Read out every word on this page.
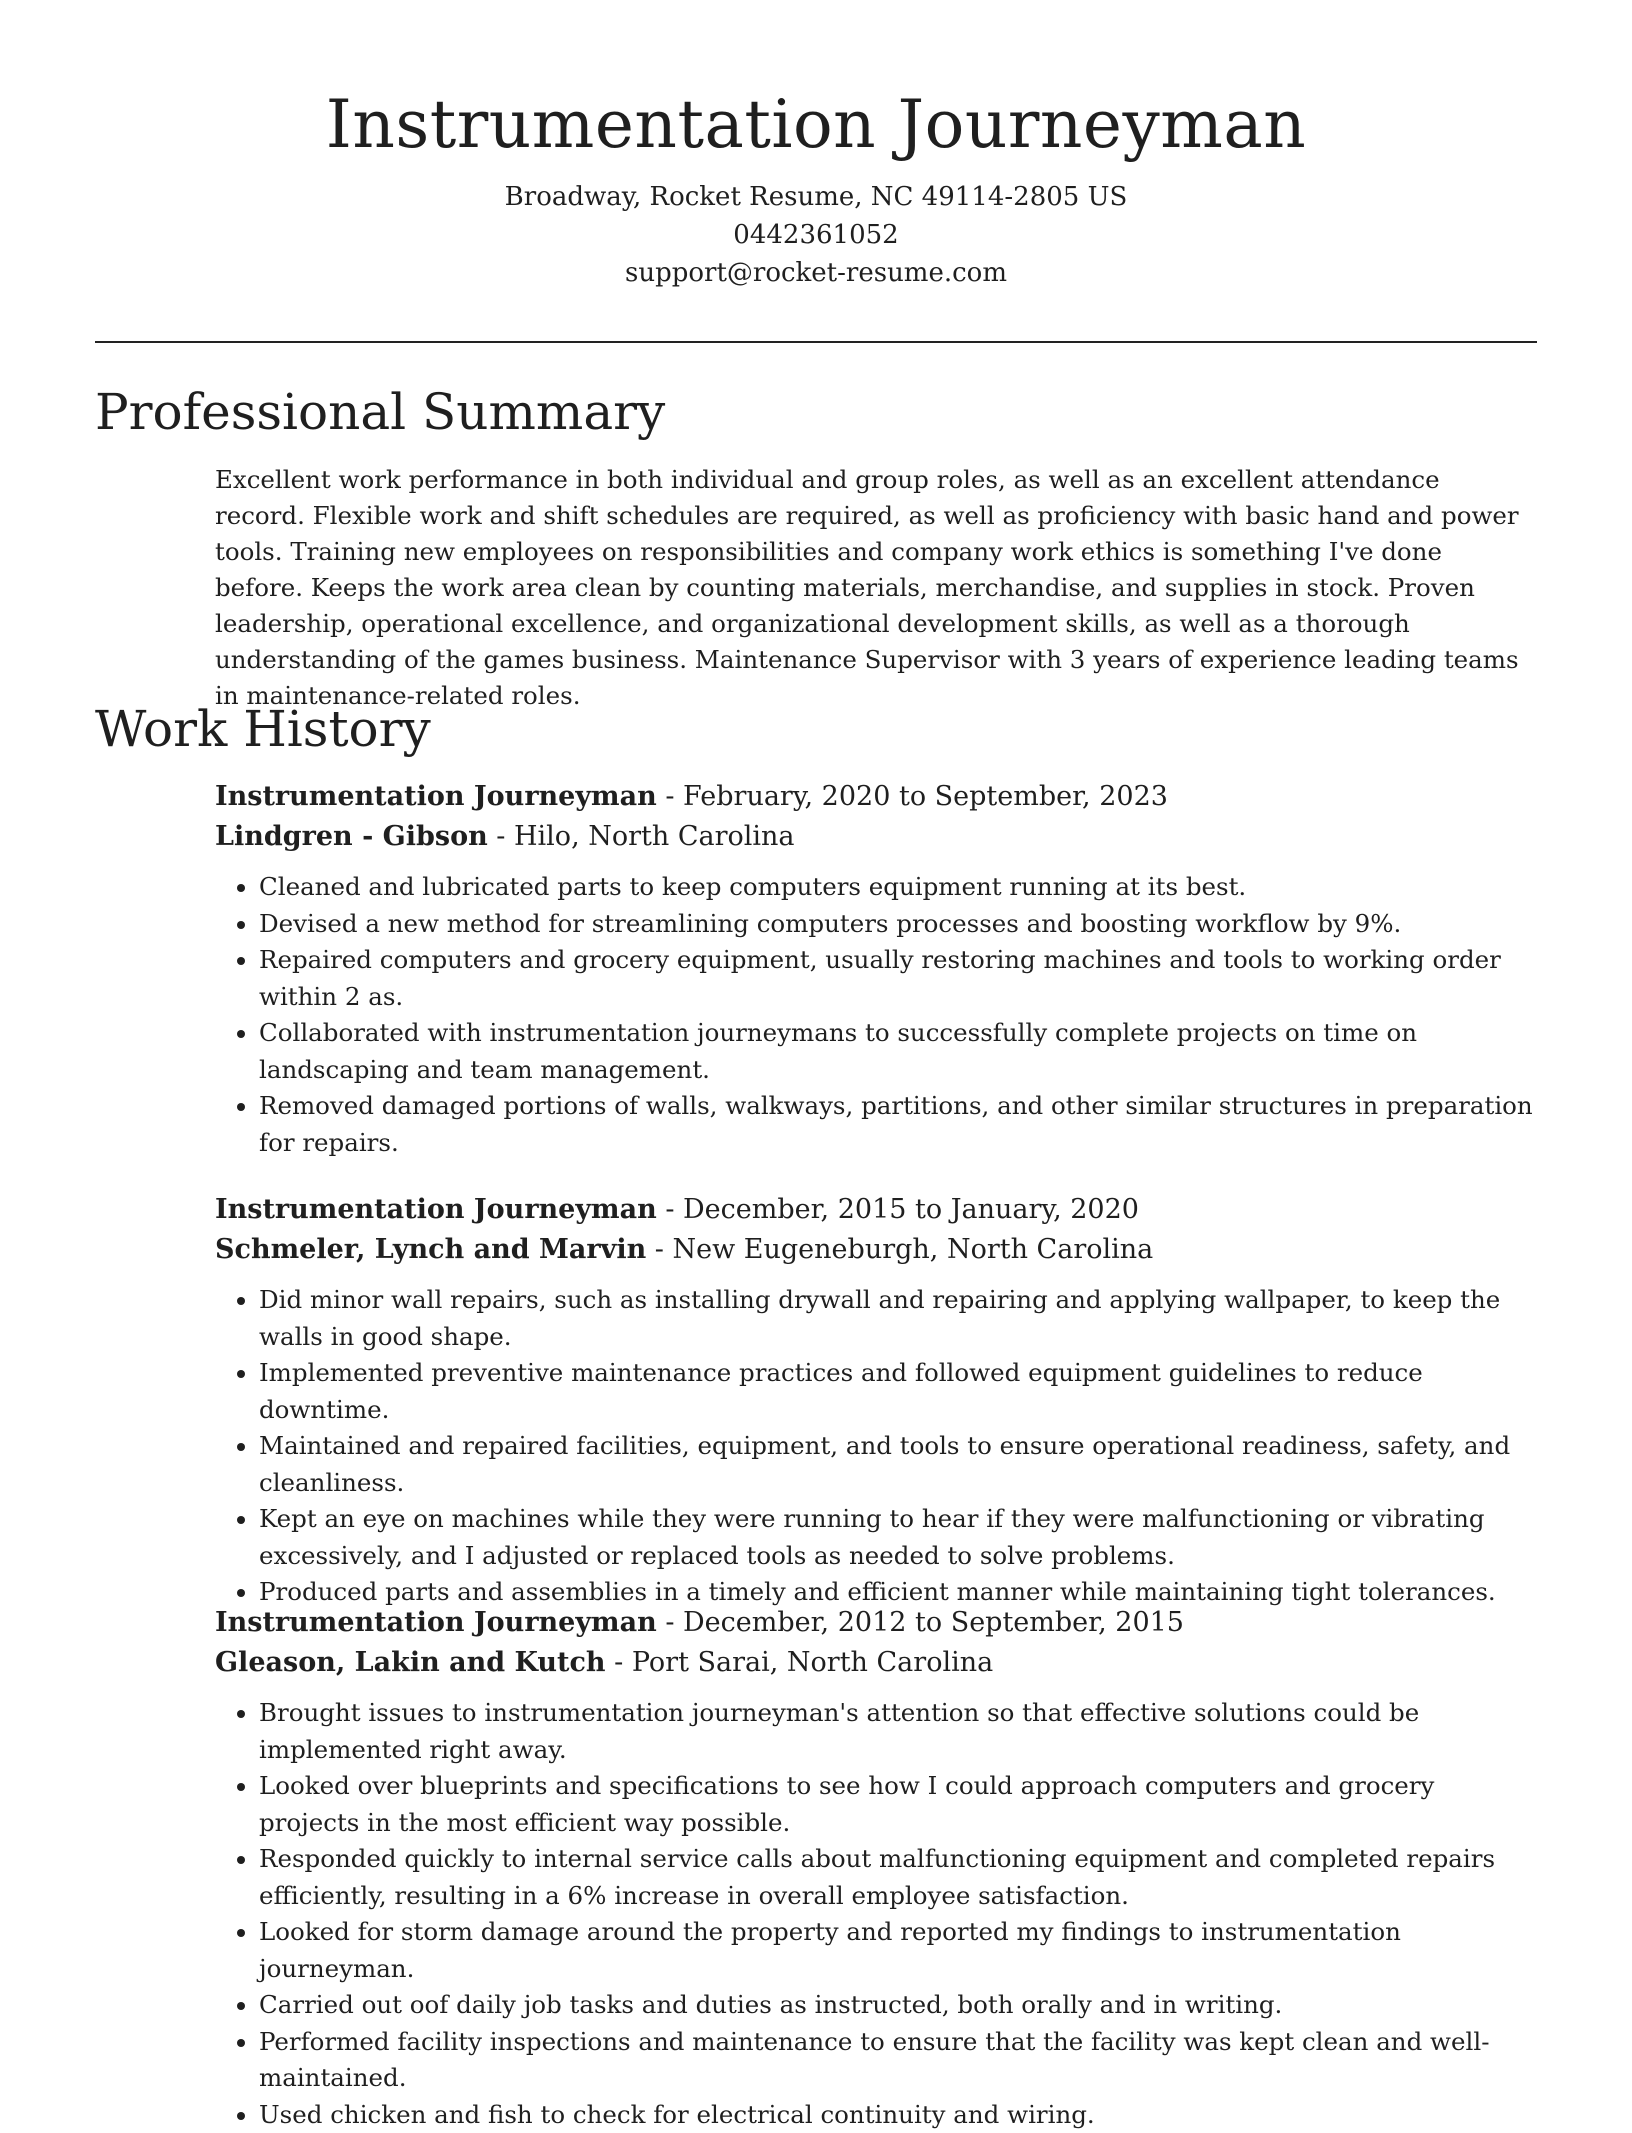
Instrumentation Journeyman

Broadway, Rocket Resume, NC 49114-2805 US

0442361052

support@rocket-resume.com

Professional Summary

Excellent work performance in both individual and group roles, as well as an excellent attendance record. Flexible work and shift schedules are required, as well as proficiency with basic hand and power tools. Training new employees on responsibilities and company work ethics is something I've done before. Keeps the work area clean by counting materials, merchandise, and supplies in stock. Proven leadership, operational excellence, and organizational development skills, as well as a thorough understanding of the games business. Maintenance Supervisor with 3 years of experience leading teams in maintenance-related roles.

Work History

Instrumentation Journeyman - February, 2020 to September, 2023

Lindgren - Gibson - Hilo, North Carolina

• Cleaned and lubricated parts to keep computers equipment running at its best.
• Devised a new method for streamlining computers processes and boosting workflow by 9%.
• Repaired computers and grocery equipment, usually restoring machines and tools to working order within 2 as.
• Collaborated with instrumentation journeymans to successfully complete projects on time on landscaping and team management.
• Removed damaged portions of walls, walkways, partitions, and other similar structures in preparation for repairs.

Instrumentation Journeyman - December, 2015 to January, 2020

Schmeler, Lynch and Marvin - New Eugeneburgh, North Carolina

• Did minor wall repairs, such as installing drywall and repairing and applying wallpaper, to keep the walls in good shape.
• Implemented preventive maintenance practices and followed equipment guidelines to reduce downtime.
• Maintained and repaired facilities, equipment, and tools to ensure operational readiness, safety, and cleanliness.
• Kept an eye on machines while they were running to hear if they were malfunctioning or vibrating excessively, and I adjusted or replaced tools as needed to solve problems.
• Produced parts and assemblies in a timely and efficient manner while maintaining tight tolerances.

Instrumentation Journeyman - December, 2012 to September, 2015

Gleason, Lakin and Kutch - Port Sarai, North Carolina

• Brought issues to instrumentation journeyman's attention so that effective solutions could be implemented right away.
• Looked over blueprints and specifications to see how I could approach computers and grocery projects in the most efficient way possible.
• Responded quickly to internal service calls about malfunctioning equipment and completed repairs efficiently, resulting in a 6% increase in overall employee satisfaction.
• Looked for storm damage around the property and reported my findings to instrumentation journeyman.
• Carried out oof daily job tasks and duties as instructed, both orally and in writing.
• Performed facility inspections and maintenance to ensure that the facility was kept clean and well-maintained.
• Used chicken and fish to check for electrical continuity and wiring.
